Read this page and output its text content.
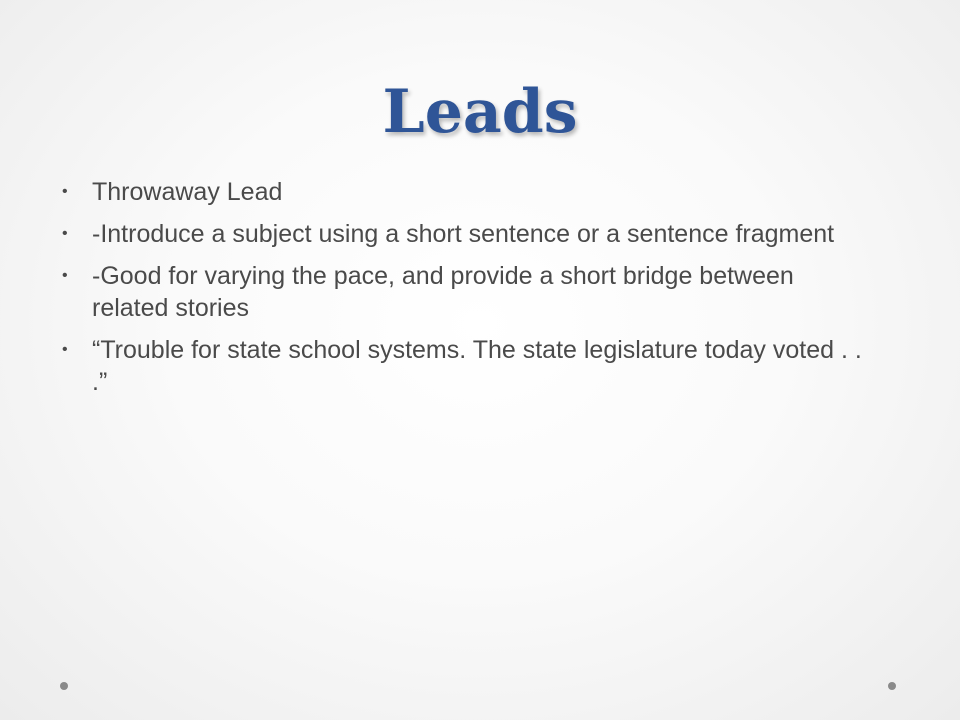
Leads
• Throwaway Lead
• -Introduce a subject using a short sentence or a sentence fragment
• -Good for varying the pace, and provide a short bridge between related stories
• “Trouble for state school systems. The state legislature today voted . . .”
